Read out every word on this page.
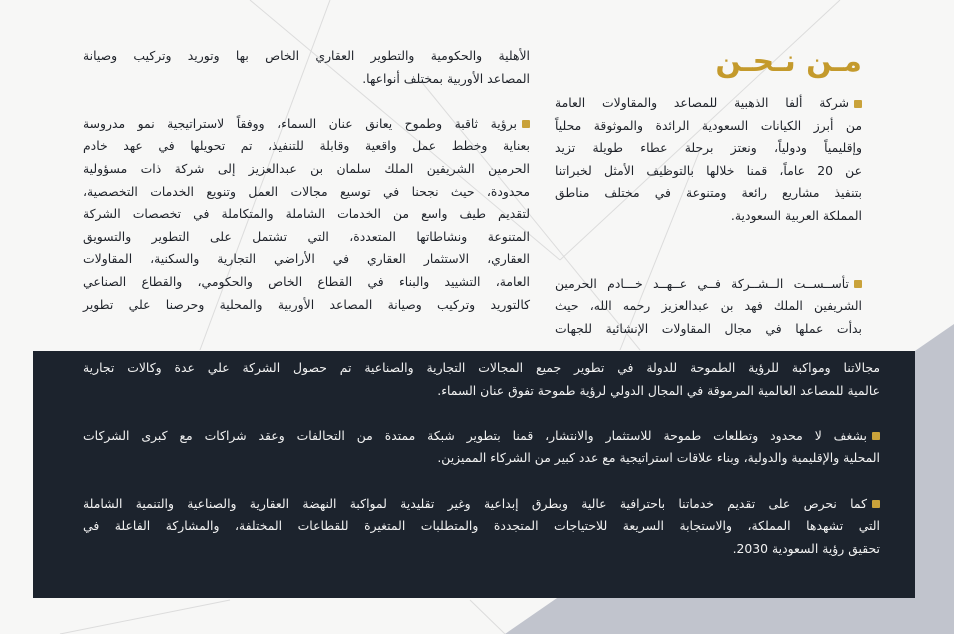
مـن نـحـن
شركة ألفا الذهبية للمصاعد والمقاولات العامة
من أبرز الكيانات السعودية الرائدة والموثوقة محلياً
وإقليمياً ودولياً، ونعتز برحلة عطاء طويلة تزيد
عن 20 عاماً، قمنا خلالها بالتوظيف الأمثل لخبراتنا
بتنفيذ مشاريع رائعة ومتنوعة في مختلف مناطق
المملكة العربية السعودية.
تأســســت الــشــركة فــي عــهــد خـــادم الحرمين
الشريفين الملك فهد بن عبدالعزيز رحمه الله، حيث
بدأت عملها في مجال المقاولات الإنشائية للجهات
الأهلية والحكومية والتطوير العقاري الخاص بها وتوريد وتركيب وصيانة
المصاعد الأوربية بمختلف أنواعها.
برؤية ثاقبة وطموح يعانق عنان السماء، ووفقاً لاستراتيجية نمو مدروسة
بعناية وخطط عمل واقعية وقابلة للتنفيذ، تم تحويلها في عهد خادم
الحرمين الشريفين الملك سلمان بن عبدالعزيز إلى شركة ذات مسؤولية
محدودة، حيث نجحنا في توسيع مجالات العمل وتنويع الخدمات التخصصية،
لتقديم طيف واسع من الخدمات الشاملة والمتكاملة في تخصصات الشركة
المتنوعة ونشاطاتها المتعددة، التي تشتمل على التطوير والتسويق
العقاري، الاستثمار العقاري في الأراضي التجارية والسكنية، المقاولات
العامة، التشييد والبناء في القطاع الخاص والحكومي، والقطاع الصناعي
كالتوريد وتركيب وصيانة المصاعد الأوربية والمحلية وحرصنا علي تطوير
مجالاتنا ومواكبة للرؤية الطموحة للدولة في تطوير جميع المجالات التجارية والصناعية تم حصول الشركة علي عدة وكالات تجارية
عالمية للمصاعد العالمية المرموقة في المجال الدولي لرؤية طموحة تفوق عنان السماء.
بشغف لا محدود وتطلعات طموحة للاستثمار والانتشار، قمنا بتطوير شبكة ممتدة من التحالفات وعقد شراكات مع كبرى الشركات
المحلية والإقليمية والدولية، وبناء علاقات استراتيجية مع عدد كبير من الشركاء المميزين.
كما نحرص على تقديم خدماتنا باحترافية عالية وبطرق إبداعية وغير تقليدية لمواكبة النهضة العقارية والصناعية والتنمية الشاملة
التي تشهدها المملكة، والاستجابة السريعة للاحتياجات المتجددة والمتطلبات المتغيرة للقطاعات المختلفة، والمشاركة الفاعلة في
تحقيق رؤية السعودية 2030.
